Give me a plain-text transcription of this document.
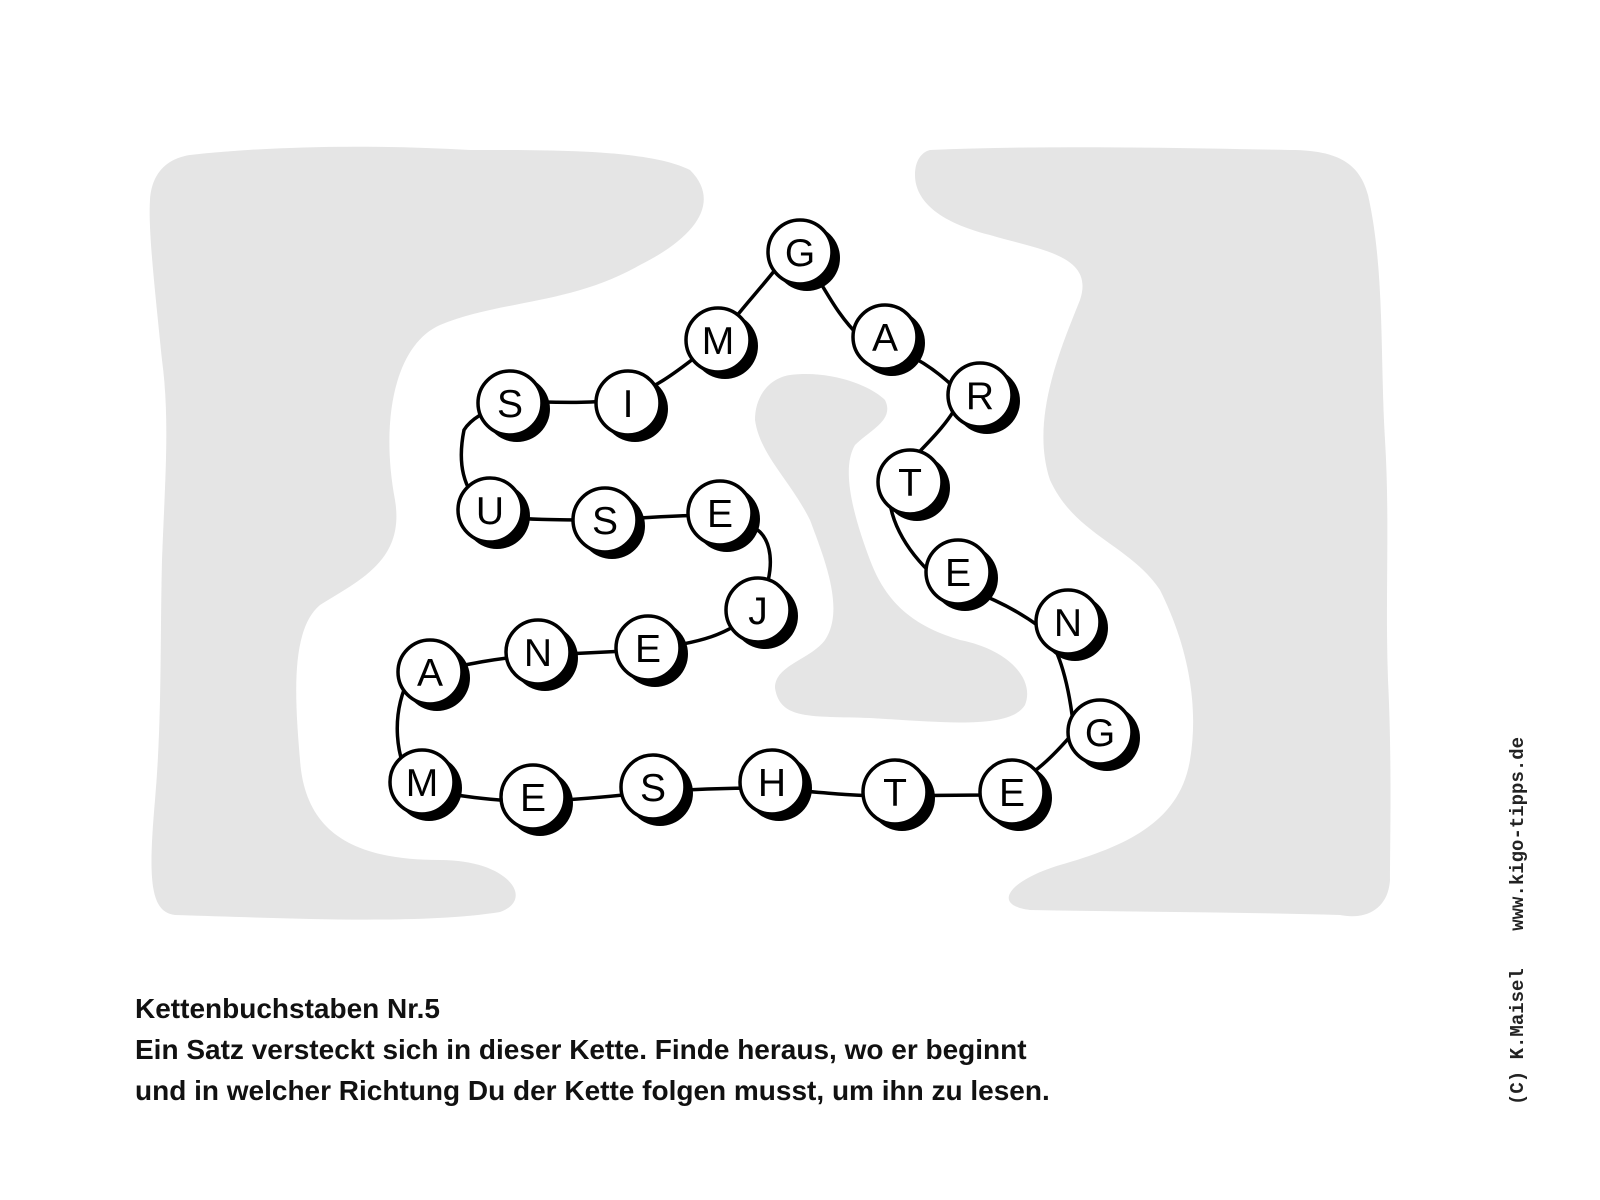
G
A
R
T
E
N
G
E
T
H
S
E
M
A N E
J
E
S
U
S	I
M
Kettenbuchstaben Nr.5
Ein Satz versteckt sich in dieser Kette. Finde heraus, wo er beginnt
und in welcher Richtung Du der Kette folgen musst, um ihn zu lesen.	(C) K.Maisel www.kigo-tipps.de
